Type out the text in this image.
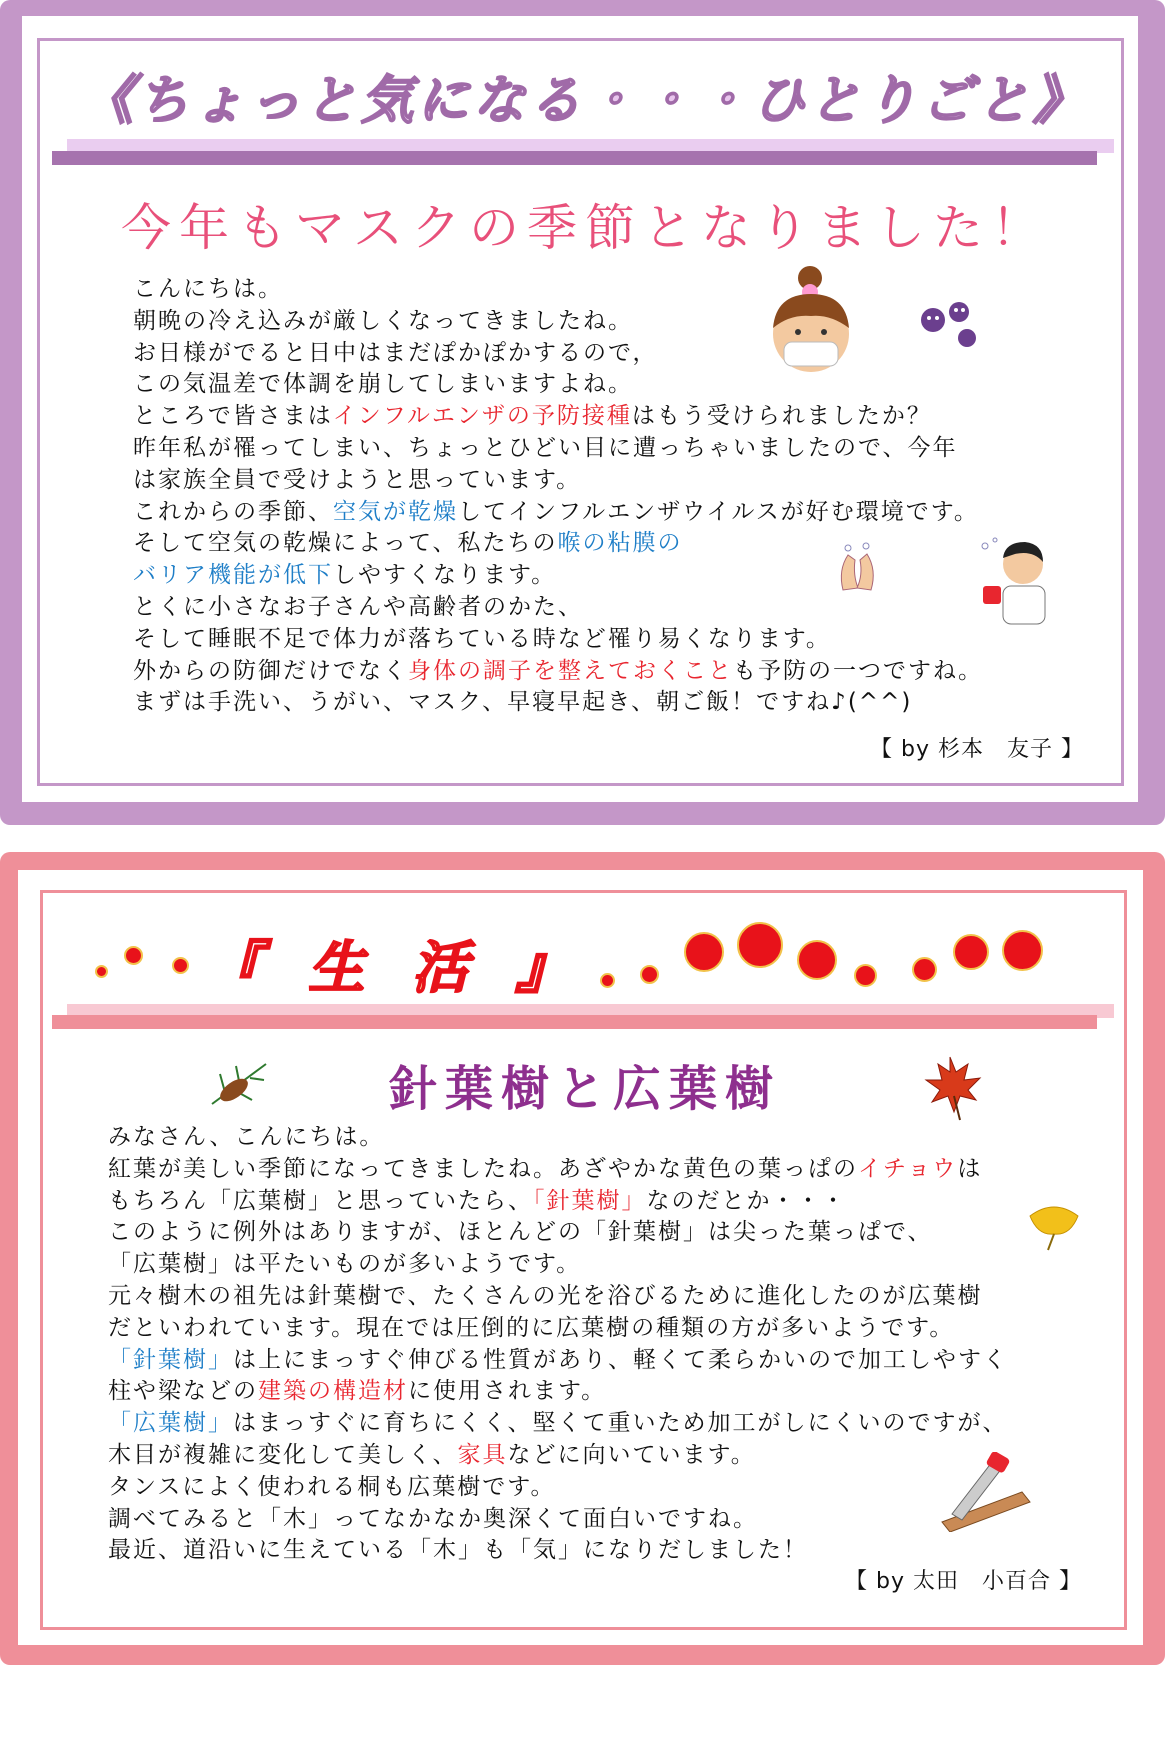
《ちょっと気になる・・・ひとりごと》
今年もマスクの季節となりました！
こんにちは。
朝晩の冷え込みが厳しくなってきましたね。
お日様がでると日中はまだぽかぽかするので，
この気温差で体調を崩してしまいますよね。
ところで皆さまはインフルエンザの予防接種はもう受けられましたか？
昨年私が罹ってしまい、ちょっとひどい目に遭っちゃいましたので、今年
は家族全員で受けようと思っています。
これからの季節、空気が乾燥してインフルエンザウイルスが好む環境です。
そして空気の乾燥によって、私たちの喉の粘膜の
バリア機能が低下しやすくなります。
とくに小さなお子さんや高齢者のかた、
そして睡眠不足で体力が落ちている時など罹り易くなります。
外からの防御だけでなく身体の調子を整えておくことも予防の一つですね。
まずは手洗い、うがい、マスク、早寝早起き、朝ご飯！ですね♪(^^)
【 by 杉本　友子 】
『 生 活 』
針葉樹と広葉樹
みなさん、こんにちは。
紅葉が美しい季節になってきましたね。あざやかな黄色の葉っぱのイチョウは
もちろん「広葉樹」と思っていたら、「針葉樹」なのだとか・・・
このように例外はありますが、ほとんどの「針葉樹」は尖った葉っぱで、
「広葉樹」は平たいものが多いようです。
元々樹木の祖先は針葉樹で、たくさんの光を浴びるために進化したのが広葉樹
だといわれています。現在では圧倒的に広葉樹の種類の方が多いようです。
「針葉樹」は上にまっすぐ伸びる性質があり、軽くて柔らかいので加工しやすく
柱や梁などの建築の構造材に使用されます。
「広葉樹」はまっすぐに育ちにくく、堅くて重いため加工がしにくいのですが、
木目が複雑に変化して美しく、家具などに向いています。
タンスによく使われる桐も広葉樹です。
調べてみると「木」ってなかなか奥深くて面白いですね。
最近、道沿いに生えている「木」も「気」になりだしました！
【 by 太田　小百合 】
